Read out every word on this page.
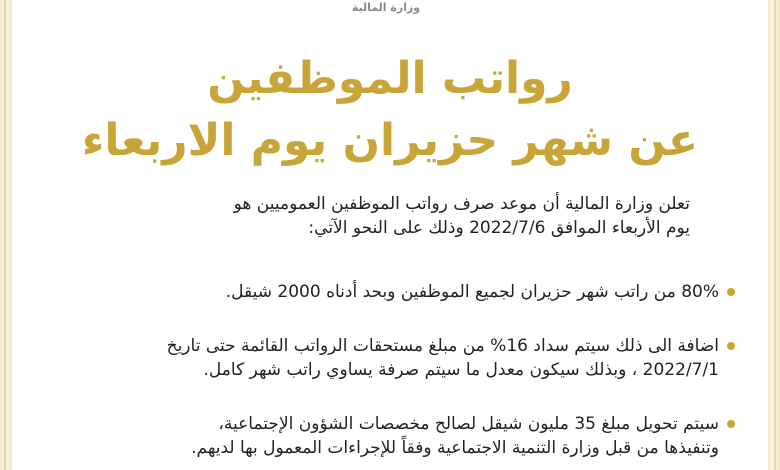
وزارة المالية
رواتب الموظفين
عن شهر حزيران يوم الاربعاء

تعلن وزارة المالية أن موعد صرف رواتب الموظفين العموميين هو

يوم الأربعاء الموافق 2022/7/6 وذلك على النحو الآتي:

80% من راتب شهر حزيران لجميع الموظفين وبحد أدناه 2000 شيقل.

اضافة الى ذلك سيتم سداد 16% من مبلغ مستحقات الرواتب القائمة حتى تاريخ

2022/7/1 ، وبذلك سيكون معدل ما سيتم صرفة يساوي راتب شهر كامل.

سيتم تحويل مبلغ 35 مليون شيقل لصالح مخصصات الشؤون الإجتماعية،

وتنفيذها من قبل وزارة التنمية الاجتماعية وفقاً للإجراءات المعمول بها لديهم.
